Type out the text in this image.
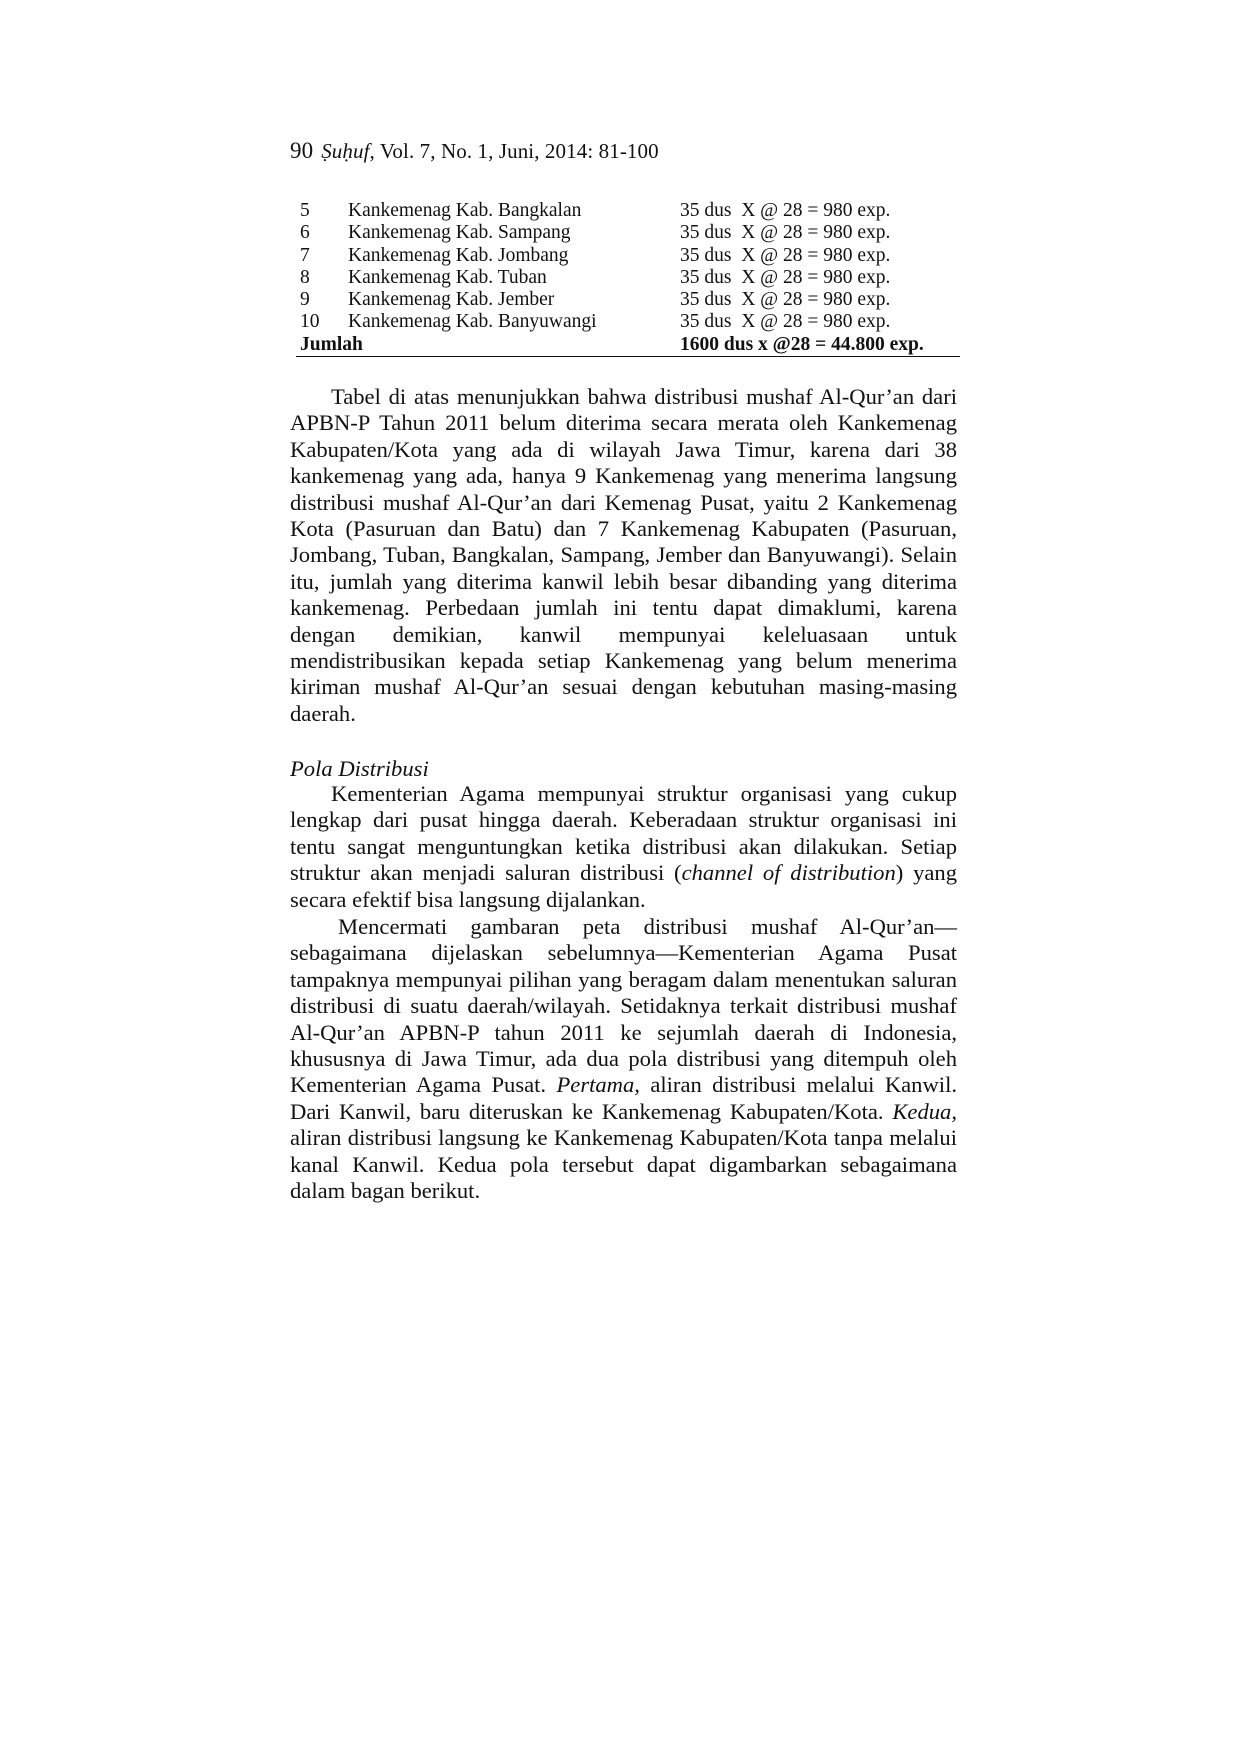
90 Ṣuḥuf, Vol. 7, No. 1, Juni, 2014: 81-100
5 Kankemenag Kab. Bangkalan	35 dus  X @ 28 = 980 exp.
6 Kankemenag Kab. Sampang	35 dus  X @ 28 = 980 exp.
7 Kankemenag Kab. Jombang	35 dus  X @ 28 = 980 exp.
8 Kankemenag Kab. Tuban	35 dus  X @ 28 = 980 exp.
9 Kankemenag Kab. Jember	35 dus  X @ 28 = 980 exp.
10 Kankemenag Kab. Banyuwangi	35 dus  X @ 28 = 980 exp.
Jumlah	1600 dus x @28 = 44.800 exp.

Tabel di atas menunjukkan bahwa distribusi mushaf Al-Qur’an dari APBN-P Tahun 2011 belum diterima secara merata oleh Kankemenag Kabupaten/Kota yang ada di wilayah Jawa Timur, karena dari 38 kankemenag yang ada, hanya 9 Kankemenag yang menerima langsung distribusi mushaf Al-Qur’an dari Kemenag Pusat, yaitu 2 Kankemenag Kota (Pasuruan dan Batu) dan 7 Kankemenag Kabupaten (Pasuruan, Jombang, Tuban, Bangkalan, Sampang, Jember dan Banyuwangi). Selain itu, jumlah yang diterima kanwil lebih besar dibanding yang diterima kankemenag. Perbedaan jumlah ini tentu dapat dimaklumi, karena dengan demikian, kanwil mempunyai keleluasaan untuk mendistribusikan kepada setiap Kankemenag yang belum menerima kiriman mushaf Al-Qur’an sesuai dengan kebutuhan masing-masing daerah.

Pola Distribusi

Kementerian Agama mempunyai struktur organisasi yang cukup lengkap dari pusat hingga daerah. Keberadaan struktur organisasi ini tentu sangat menguntungkan ketika distribusi akan dilakukan. Setiap struktur akan menjadi saluran distribusi (channel of distribution) yang secara efektif bisa langsung dijalankan.

Mencermati gambaran peta distribusi mushaf Al-Qur’an—sebagaimana dijelaskan sebelumnya—Kementerian Agama Pusat tampaknya mempunyai pilihan yang beragam dalam menentukan saluran distribusi di suatu daerah/wilayah. Setidaknya terkait distribusi mushaf Al-Qur’an APBN-P tahun 2011 ke sejumlah daerah di Indonesia, khususnya di Jawa Timur, ada dua pola distribusi yang ditempuh oleh Kementerian Agama Pusat. Pertama, aliran distribusi melalui Kanwil. Dari Kanwil, baru diteruskan ke Kankemenag Kabupaten/Kota. Kedua, aliran distribusi langsung ke Kankemenag Kabupaten/Kota tanpa melalui kanal Kanwil. Kedua pola tersebut dapat digambarkan sebagaimana dalam bagan berikut.
